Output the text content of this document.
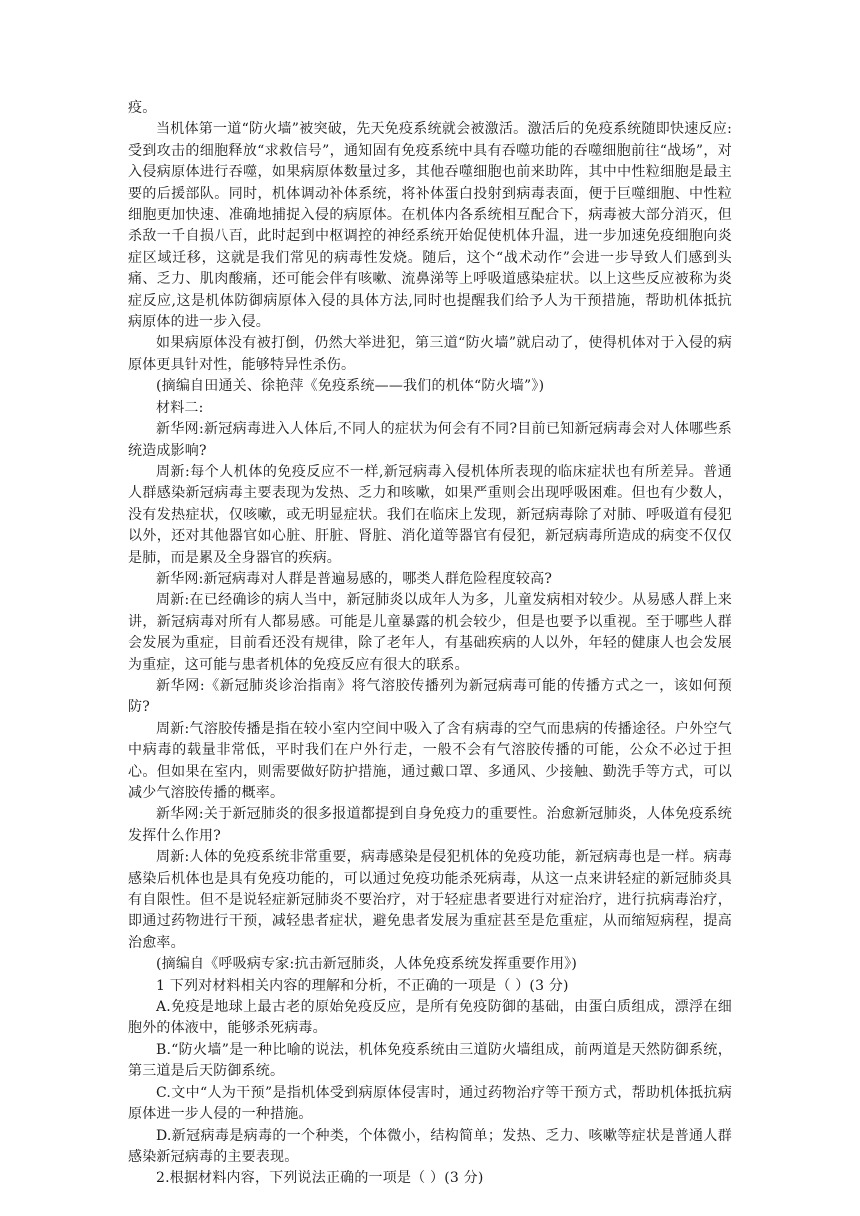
疫。

当机体第一道“防火墙”被突破，先天免疫系统就会被激活。激活后的免疫系统随即快速反应:受到攻击的细胞释放“求救信号”，通知固有免疫系统中具有吞噬功能的吞噬细胞前往“战场”，对入侵病原体进行吞噬，如果病原体数量过多，其他吞噬细胞也前来助阵，其中中性粒细胞是最主要的后援部队。同时，机体调动补体系统，将补体蛋白投射到病毒表面，便于巨噬细胞、中性粒细胞更加快速、准确地捕捉入侵的病原体。在机体内各系统相互配合下，病毒被大部分消灭，但杀敌一千自损八百，此时起到中枢调控的神经系统开始促使机体升温，进一步加速免疫细胞向炎症区域迁移，这就是我们常见的病毒性发烧。随后，这个“战术动作”会进一步导致人们感到头痛、乏力、肌肉酸痛，还可能会伴有咳嗽、流鼻涕等上呼吸道感染症状。以上这些反应被称为炎症反应,这是机体防御病原体入侵的具体方法,同时也提醒我们给予人为干预措施，帮助机体抵抗病原体的进一步入侵。

如果病原体没有被打倒，仍然大举进犯，第三道“防火墙”就启动了，使得机体对于入侵的病原体更具针对性，能够特异性杀伤。

(摘编自田通关、徐艳萍《免疫系统——我们的机体“防火墙”》)

材料二:

新华网:新冠病毒进入人体后,不同人的症状为何会有不同?目前已知新冠病毒会对人体哪些系统造成影响?

周新:每个人机体的免疫反应不一样,新冠病毒入侵机体所表现的临床症状也有所差异。普通人群感染新冠病毒主要表现为发热、乏力和咳嗽，如果严重则会出现呼吸困难。但也有少数人，没有发热症状，仅咳嗽，或无明显症状。我们在临床上发现，新冠病毒除了对肺、呼吸道有侵犯以外，还对其他器官如心脏、肝脏、肾脏、消化道等器官有侵犯，新冠病毒所造成的病变不仅仅是肺，而是累及全身器官的疾病。

新华网:新冠病毒对人群是普遍易感的，哪类人群危险程度较高?

周新:在已经确诊的病人当中，新冠肺炎以成年人为多，儿童发病相对较少。从易感人群上来讲，新冠病毒对所有人都易感。可能是儿童暴露的机会较少，但是也要予以重视。至于哪些人群会发展为重症，目前看还没有规律，除了老年人，有基础疾病的人以外，年轻的健康人也会发展为重症，这可能与患者机体的免疫反应有很大的联系。

新华网:《新冠肺炎诊治指南》将气溶胶传播列为新冠病毒可能的传播方式之一，该如何预防?

周新:气溶胶传播是指在较小室内空间中吸入了含有病毒的空气而患病的传播途径。户外空气中病毒的载量非常低，平时我们在户外行走，一般不会有气溶胶传播的可能，公众不必过于担心。但如果在室内，则需要做好防护措施，通过戴口罩、多通风、少接触、勤洗手等方式，可以减少气溶胶传播的概率。

新华网:关于新冠肺炎的很多报道都提到自身免疫力的重要性。治愈新冠肺炎，人体免疫系统发挥什么作用?

周新:人体的免疫系统非常重要，病毒感染是侵犯机体的免疫功能，新冠病毒也是一样。病毒感染后机体也是具有免疫功能的，可以通过免疫功能杀死病毒，从这一点来讲轻症的新冠肺炎具有自限性。但不是说轻症新冠肺炎不要治疗，对于轻症患者要进行对症治疗，进行抗病毒治疗，即通过药物进行干预，减轻患者症状，避免患者发展为重症甚至是危重症，从而缩短病程，提高治愈率。

(摘编自《呼吸病专家:抗击新冠肺炎，人体免疫系统发挥重要作用》)

1 下列对材料相关内容的理解和分析，不正确的一项是（ ）(3 分)

A.免疫是地球上最古老的原始免疫反应，是所有免疫防御的基础，由蛋白质组成，漂浮在细胞外的体液中，能够杀死病毒。

B.“防火墙”是一种比喻的说法，机体免疫系统由三道防火墙组成，前两道是天然防御系统，第三道是后天防御系统。

C.文中“人为干预”是指机体受到病原体侵害时，通过药物治疗等干预方式，帮助机体抵抗病原体进一步人侵的一种措施。

D.新冠病毒是病毒的一个种类，个体微小，结构简单；发热、乏力、咳嗽等症状是普通人群感染新冠病毒的主要表现。

2.根据材料内容，下列说法正确的一项是（ ）(3 分)
